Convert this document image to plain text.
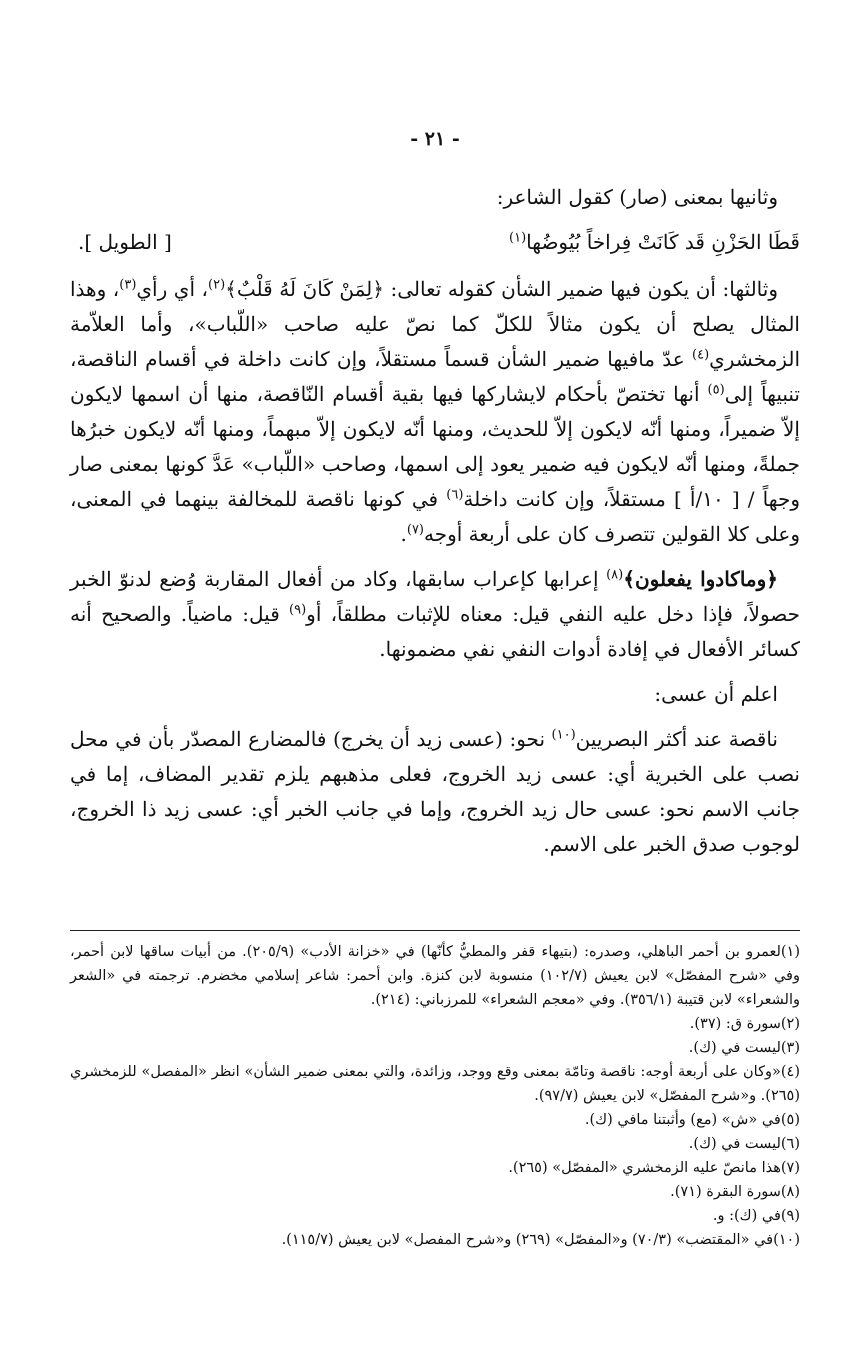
- ٢١ -

وثانيها بمعنى (صار) كقول الشاعر:

قَطَا الحَزْنِ قَد كَانَتْ فِراخاً بُيُوضُها$^{(١)}$
[ الطويل ].

وثالثها: أن يكون فيها ضمير الشأن كقوله تعالى: ﴿لِمَنْ كَانَ لَهُ قَلْبٌ﴾$^{(٢)}$، أي رأي$^{(٣)}$، وهذا المثال يصلح أن يكون مثالاً للكلّ كما نصّ عليه صاحب «اللّباب»، وأما العلاّمة الزمخشري$^{(٤)}$ عدّ مافيها ضمير الشأن قسماً مستقلاً، وإن كانت داخلة في أقسام الناقصة، تنبيهاً إلى$^{(٥)}$ أنها تختصّ بأحكام لايشاركها فيها بقية أقسام النّاقصة، منها أن اسمها لايكون إلاّ ضميراً، ومنها أنّه لايكون إلاّ للحديث، ومنها أنّه لايكون إلاّ مبهماً، ومنها أنّه لايكون خبرُها جملةً، ومنها أنّه لايكون فيه ضمير يعود إلى اسمها، وصاحب «اللّباب» عَدَّ كونها بمعنى صار وجهاً / [ ١٠/أ ] مستقلاً، وإن كانت داخلة$^{(٦)}$ في كونها ناقصة للمخالفة بينهما في المعنى، وعلى كلا القولين تتصرف كان على أربعة أوجه$^{(٧)}$.

﴿وماكادوا يفعلون﴾$^{(٨)}$ إعرابها كإعراب سابقها، وكاد من أفعال المقاربة وُضع لدنوّ الخبر حصولاً، فإذا دخل عليه النفي قيل: معناه للإثبات مطلقاً، أو$^{(٩)}$ قيل: ماضياً. والصحيح أنه كسائر الأفعال في إفادة أدوات النفي نفي مضمونها.

اعلم أن عسى:

ناقصة عند أكثر البصريين$^{(١٠)}$ نحو: (عسى زيد أن يخرج) فالمضارع المصدّر بأن في محل نصب على الخبرية أي: عسى زيد الخروج، فعلى مذهبهم يلزم تقدير المضاف، إما في جانب الاسم نحو: عسى حال زيد الخروج، وإما في جانب الخبر أي: عسى زيد ذا الخروج، لوجوب صدق الخبر على الاسم.

(١)لعمرو بن أحمر الباهلي، وصدره: (بتيهاء قفر والمطيُّ كأنّها) في «خزانة الأدب» (٢٠٥/٩). من أبيات ساقها لابن أحمر، وفي «شرح المفصّل» لابن يعيش (١٠٢/٧) منسوبة لابن كنزة. وابن أحمر: شاعر إسلامي مخضرم. ترجمته في «الشعر والشعراء» لابن قتيبة (٣٥٦/١). وفي «معجم الشعراء» للمرزباني: (٢١٤).

(٢)سورة ق: (٣٧).

(٣)ليست في (ك).

(٤)«وكان على أربعة أوجه: ناقصة وتامّة بمعنى وقع ووجد، وزائدة، والتي بمعنى ضمير الشأن» انظر «المفصل» للزمخشري (٢٦٥). و«شرح المفصّل» لابن يعيش (٩٧/٧).

(٥)في «ش» (مع) وأثبتنا مافي (ك).

(٦)ليست في (ك).

(٧)هذا مانصّ عليه الزمخشري «المفصّل» (٢٦٥).

(٨)سورة البقرة (٧١).

(٩)في (ك): و.

(١٠)في «المقتضب» (٧٠/٣) و«المفصّل» (٢٦٩) و«شرح المفصل» لابن يعيش (١١٥/٧).
